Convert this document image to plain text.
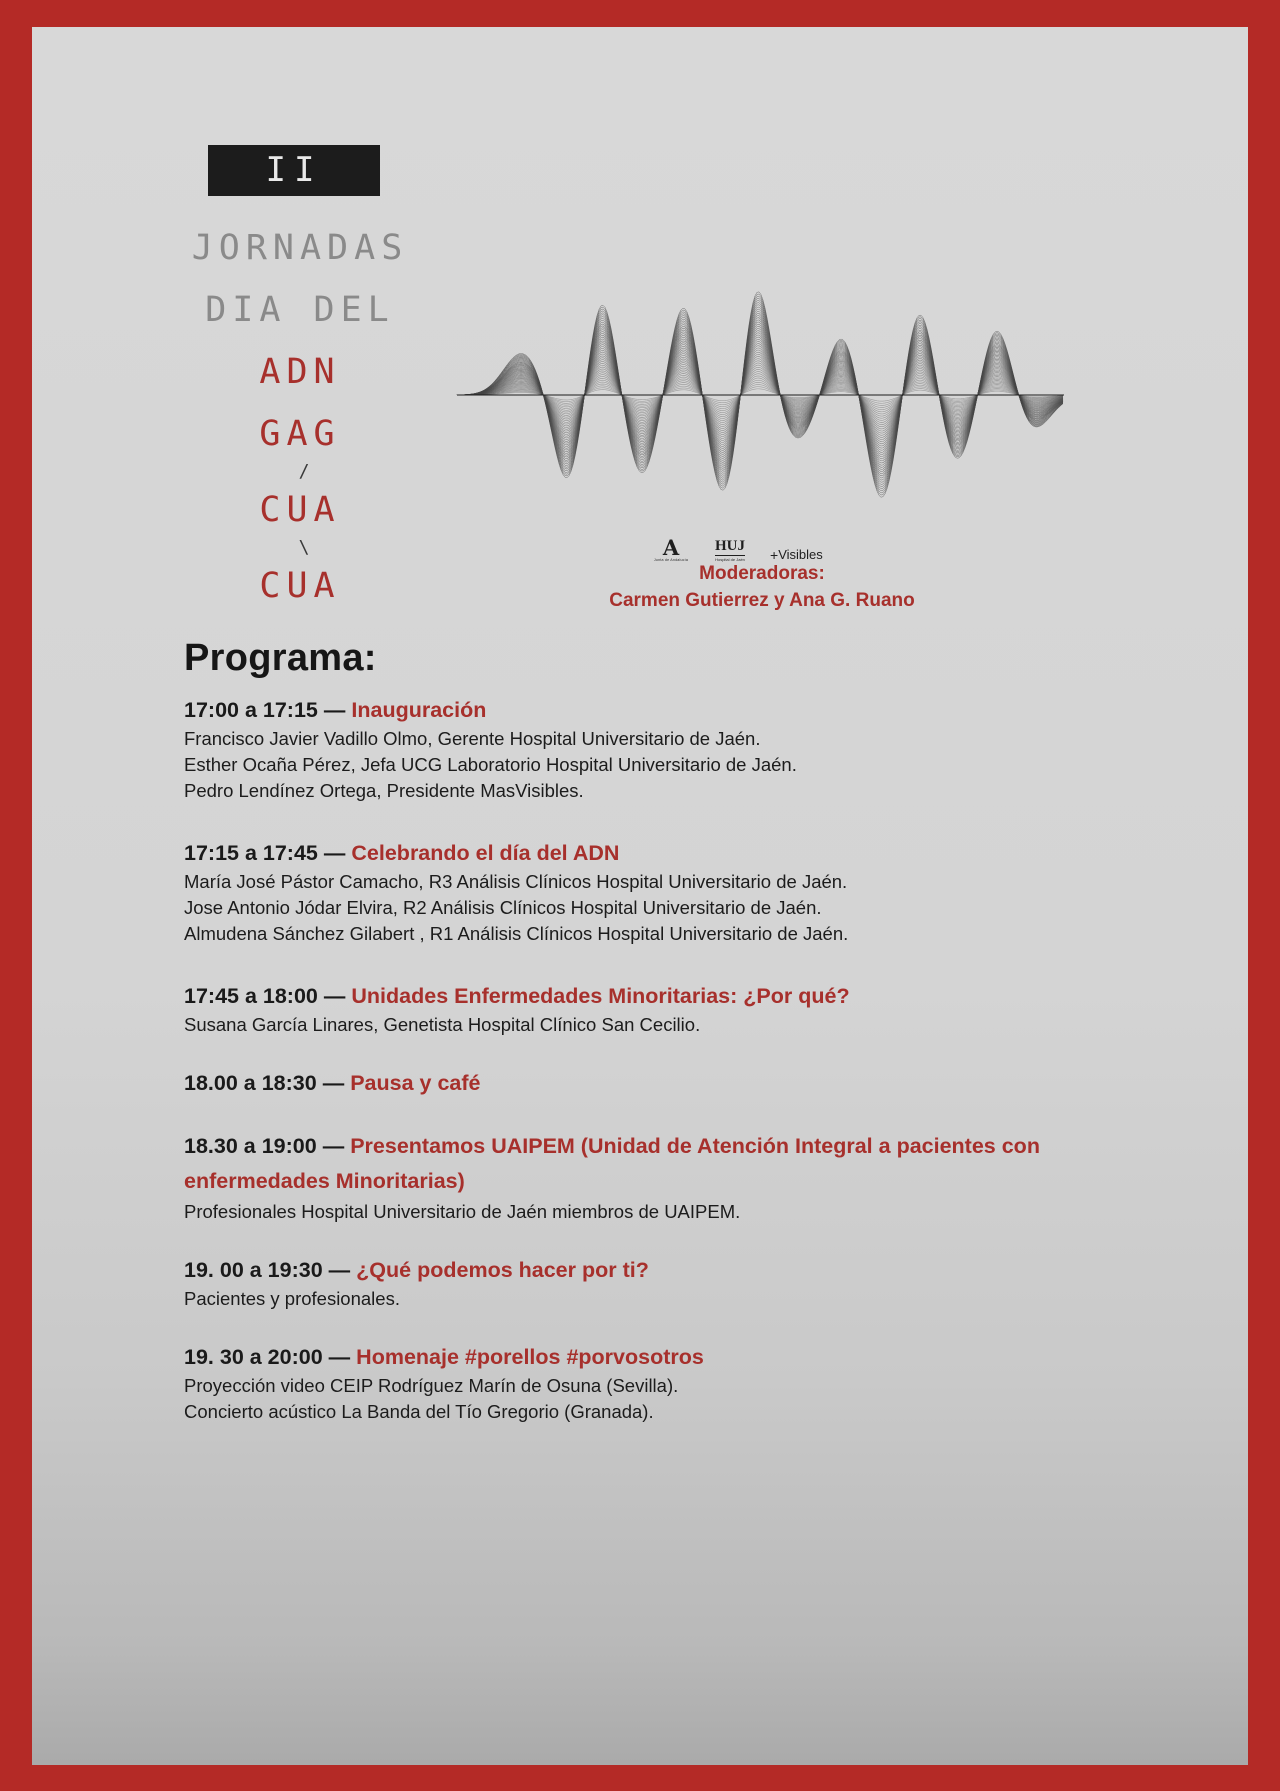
II
JORNADAS
DIA DEL
ADN
GAG
/
CUA
\
CUA
A
Junta de Andalucía
HUJ
Hospital de Jaén + Visibles
Moderadoras:
Carmen Gutierrez y Ana G. Ruano
Programa:
17:00 a 17:15 — Inauguración
Francisco Javier Vadillo Olmo, Gerente Hospital Universitario de Jaén.
Esther Ocaña Pérez, Jefa UCG Laboratorio Hospital Universitario de Jaén.
Pedro Lendínez Ortega, Presidente MasVisibles.
17:15 a 17:45 — Celebrando el día del ADN
María José Pástor Camacho, R3 Análisis Clínicos Hospital Universitario de Jaén.
Jose Antonio Jódar Elvira, R2 Análisis Clínicos Hospital Universitario de Jaén.
Almudena Sánchez Gilabert , R1 Análisis Clínicos Hospital Universitario de Jaén.
17:45 a 18:00 — Unidades Enfermedades Minoritarias: ¿Por qué?
Susana García Linares, Genetista Hospital Clínico San Cecilio.
18.00 a 18:30 — Pausa y café
18.30 a 19:00 — Presentamos UAIPEM (Unidad de Atención Integral a pacientes con enfermedades Minoritarias)
Profesionales Hospital Universitario de Jaén miembros de UAIPEM.
19. 00 a 19:30 — ¿Qué podemos hacer por ti?
Pacientes y profesionales.
19. 30 a 20:00 — Homenaje #porellos #porvosotros
Proyección video CEIP Rodríguez Marín de Osuna (Sevilla).
Concierto acústico La Banda del Tío Gregorio (Granada).
